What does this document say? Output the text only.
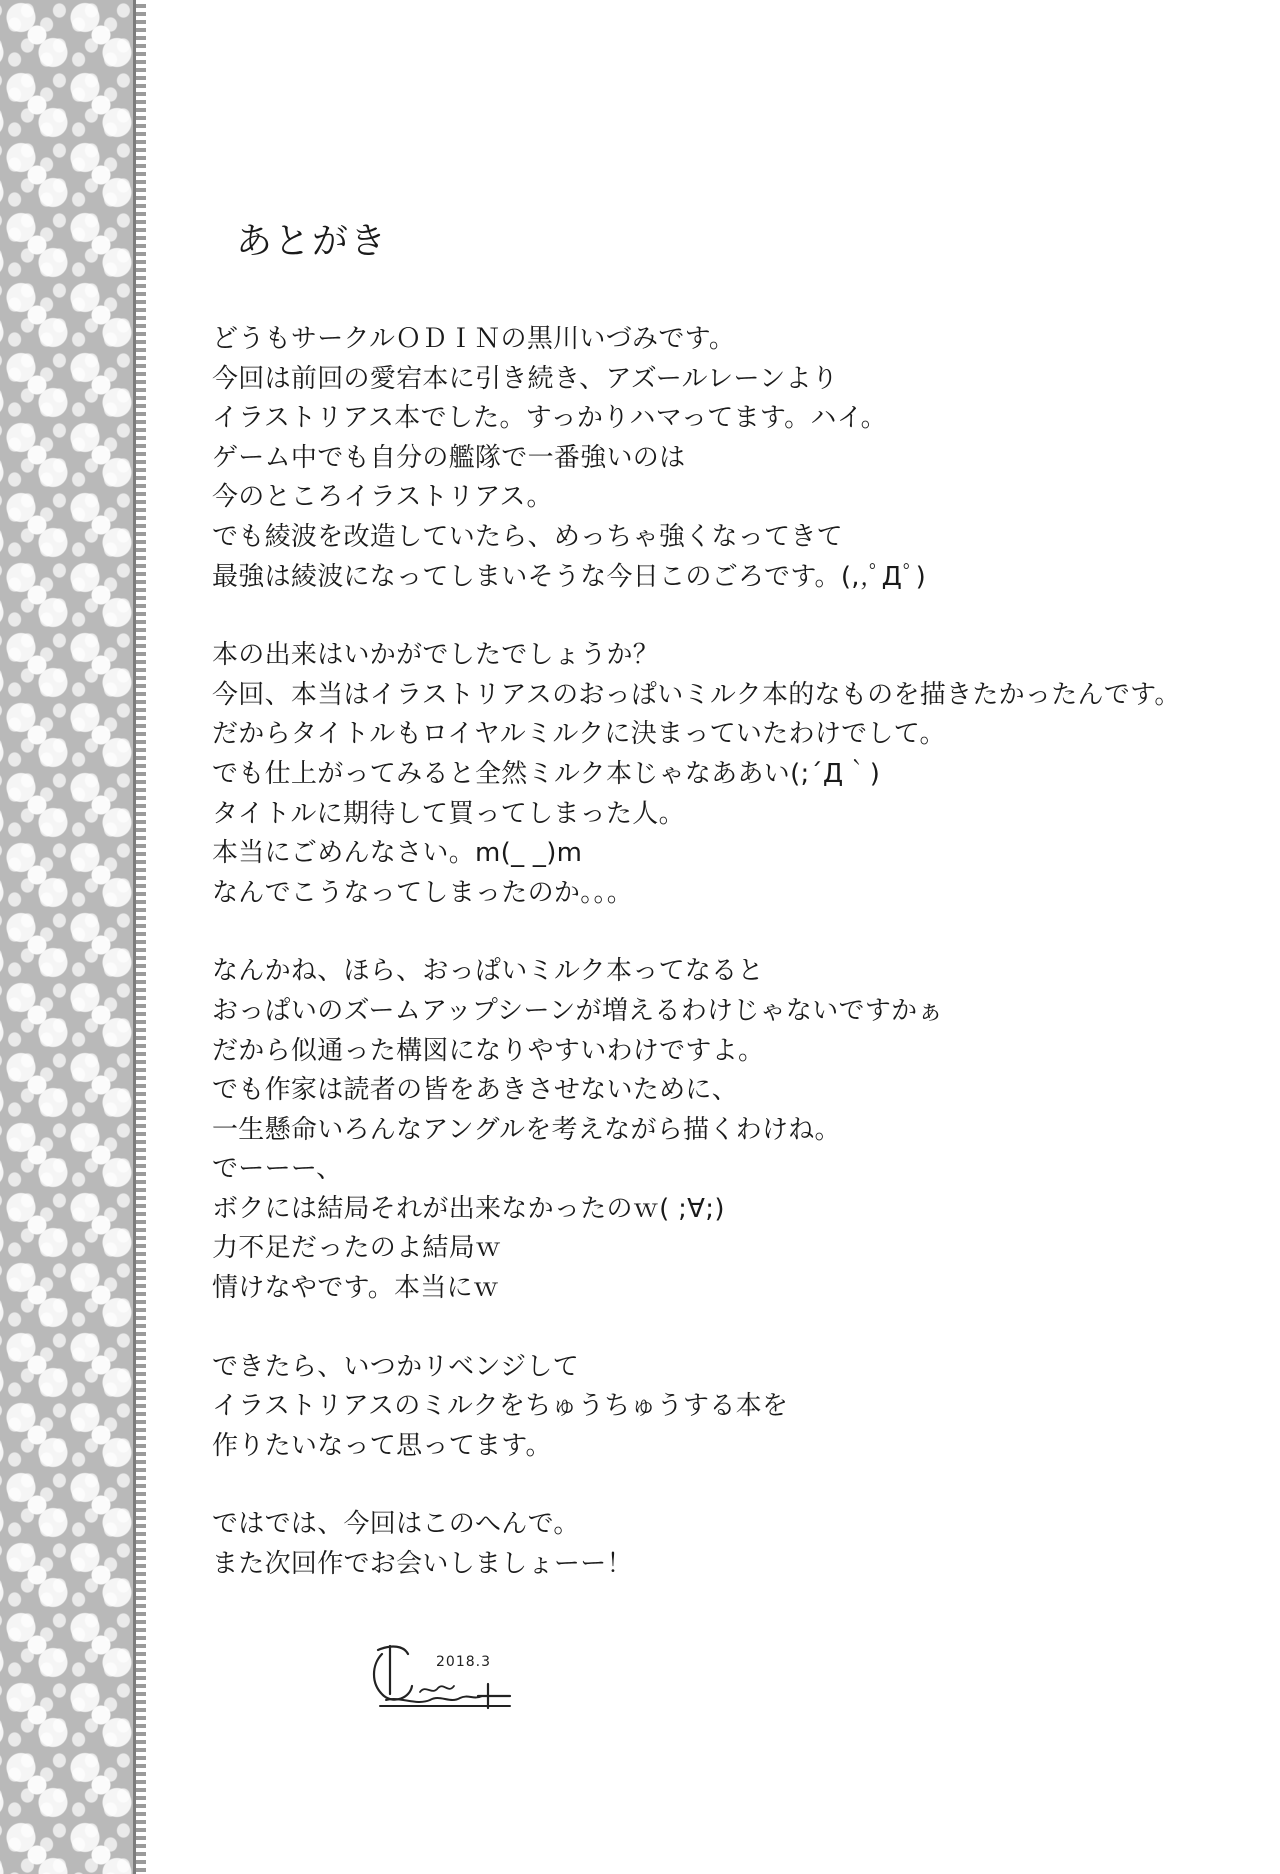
あとがき
どうもサークルＯＤＩＮの黒川いづみです。
今回は前回の愛宕本に引き続き、アズールレーンより
イラストリアス本でした。すっかりハマってます。ハイ。
ゲーム中でも自分の艦隊で一番強いのは
今のところイラストリアス。
でも綾波を改造していたら、めっちゃ強くなってきて
最強は綾波になってしまいそうな今日このごろです。(,,ﾟДﾟ)
本の出来はいかがでしたでしょうか？
今回、本当はイラストリアスのおっぱいミルク本的なものを描きたかったんです。
だからタイトルもロイヤルミルクに決まっていたわけでして。
でも仕上がってみると全然ミルク本じゃなああい(;´Д｀)
タイトルに期待して買ってしまった人。
本当にごめんなさい。m(_ _)m
なんでこうなってしまったのか。。。
なんかね、ほら、おっぱいミルク本ってなると
おっぱいのズームアップシーンが増えるわけじゃないですかぁ
だから似通った構図になりやすいわけですよ。
でも作家は読者の皆をあきさせないために、
一生懸命いろんなアングルを考えながら描くわけね。
でーーー、
ボクには結局それが出来なかったのｗ( ;∀;)
力不足だったのよ結局ｗ
情けなやです。本当にｗ
できたら、いつかリベンジして
イラストリアスのミルクをちゅうちゅうする本を
作りたいなって思ってます。
ではでは、今回はこのへんで。
また次回作でお会いしましょーー！
2018.3
